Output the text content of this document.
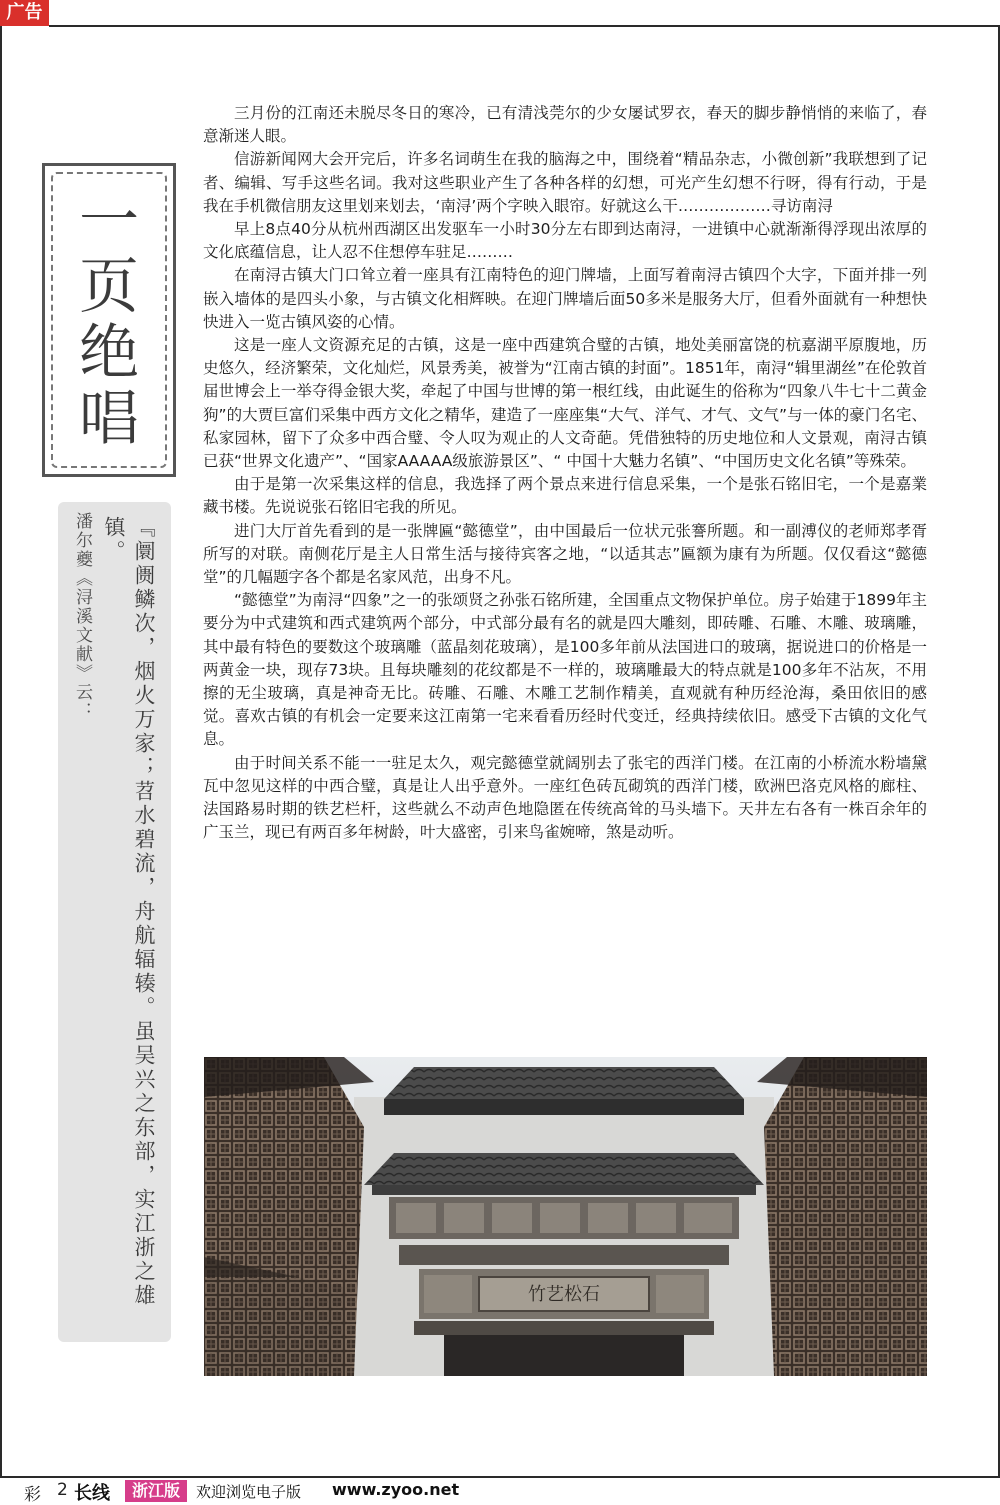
广告
一
页
绝
唱
『阛阓鳞次，烟火万家；苕水碧流，舟航辐辏。虽吴兴之东部，实江浙之雄镇。
潘尔夔《浔溪文献》云：

三月份的江南还未脱尽冬日的寒冷，已有清浅莞尔的少女屡试罗衣，春天的脚步静悄悄的来临了，春意渐迷人眼。

信游新闻网大会开完后，许多名词萌生在我的脑海之中，围绕着“精品杂志，小微创新”我联想到了记者、编辑、写手这些名词。我对这些职业产生了各种各样的幻想，可光产生幻想不行呀，得有行动，于是我在手机微信朋友这里划来划去，‘南浔’两个字映入眼帘。好就这么干………………寻访南浔

早上8点40分从杭州西湖区出发驱车一小时30分左右即到达南浔，一进镇中心就渐渐得浮现出浓厚的文化底蕴信息，让人忍不住想停车驻足………

在南浔古镇大门口耸立着一座具有江南特色的迎门牌墙，上面写着南浔古镇四个大字，下面并排一列嵌入墙体的是四头小象，与古镇文化相辉映。在迎门牌墙后面50多米是服务大厅，但看外面就有一种想快快进入一览古镇风姿的心情。

这是一座人文资源充足的古镇，这是一座中西建筑合璧的古镇，地处美丽富饶的杭嘉湖平原腹地，历史悠久，经济繁荣，文化灿烂，风景秀美，被誉为“江南古镇的封面”。1851年，南浔“辑里湖丝”在伦敦首届世博会上一举夺得金银大奖，牵起了中国与世博的第一根红线，由此诞生的俗称为“四象八牛七十二黄金狗”的大贾巨富们采集中西方文化之精华，建造了一座座集“大气、洋气、才气、文气”与一体的豪门名宅、私家园林，留下了众多中西合璧、令人叹为观止的人文奇葩。凭借独特的历史地位和人文景观，南浔古镇已获“世界文化遗产”、“国家AAAAA级旅游景区”、“ 中国十大魅力名镇”、“中国历史文化名镇”等殊荣。

由于是第一次采集这样的信息，我选择了两个景点来进行信息采集，一个是张石铭旧宅，一个是嘉業藏书楼。先说说张石铭旧宅我的所见。

进门大厅首先看到的是一张牌匾“懿德堂”，由中国最后一位状元张謇所题。和一副溥仪的老师郑孝胥所写的对联。南侧花厅是主人日常生活与接待宾客之地，“以适其志”匾额为康有为所题。仅仅看这“懿德堂”的几幅题字各个都是名家风范，出身不凡。

“懿德堂”为南浔“四象”之一的张颂贤之孙张石铭所建，全国重点文物保护单位。房子始建于1899年主要分为中式建筑和西式建筑两个部分，中式部分最有名的就是四大雕刻，即砖雕、石雕、木雕、玻璃雕，其中最有特色的要数这个玻璃雕（蓝晶刻花玻璃），是100多年前从法国进口的玻璃，据说进口的价格是一两黄金一块，现存73块。且每块雕刻的花纹都是不一样的，玻璃雕最大的特点就是100多年不沾灰，不用擦的无尘玻璃，真是神奇无比。砖雕、石雕、木雕工艺制作精美，直观就有种历经沧海，桑田依旧的感觉。喜欢古镇的有机会一定要来这江南第一宅来看看历经时代变迁，经典持续依旧。感受下古镇的文化气息。

由于时间关系不能一一驻足太久，观完懿德堂就阔别去了张宅的西洋门楼。在江南的小桥流水粉墙黛瓦中忽见这样的中西合璧，真是让人出乎意外。一座红色砖瓦砌筑的西洋门楼，欧洲巴洛克风格的廊柱、法国路易时期的铁艺栏杆，这些就么不动声色地隐匿在传统高耸的马头墙下。天井左右各有一株百余年的广玉兰，现已有两百多年树龄，叶大盛密，引来鸟雀婉啼，煞是动听。

竹艺松石
彩 2 长线	浙江版	欢迎浏览电子版 www.zyoo.net
